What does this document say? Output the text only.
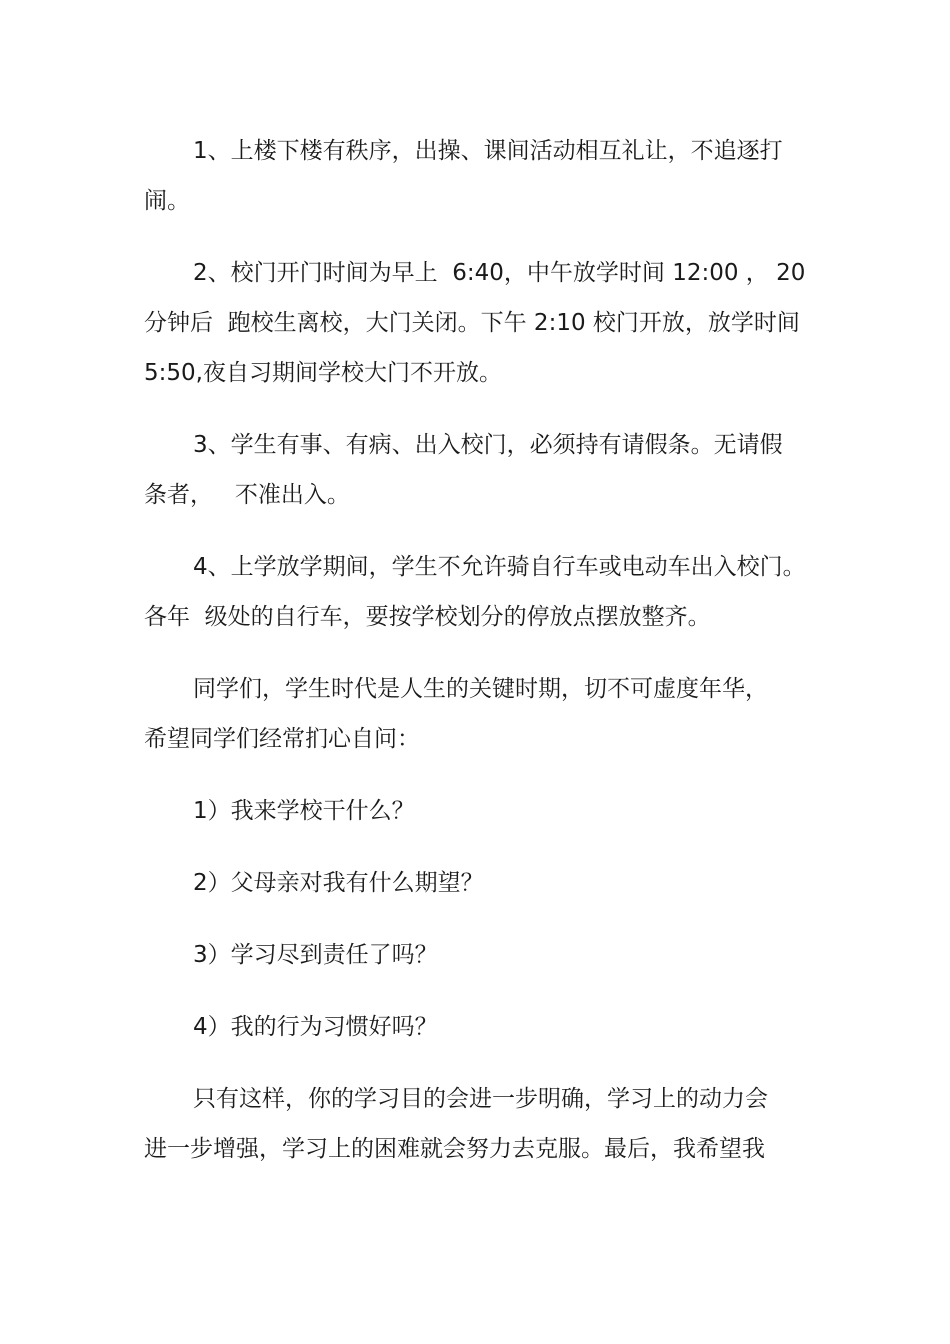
1、上楼下楼有秩序，出操、课间活动相互礼让，不追逐打

闹。

2、校门开门时间为早上  6:40，中午放学时间 12:00 ， 20

分钟后  跑校生离校，大门关闭。下午 2:10 校门开放，放学时间

5:50,夜自习期间学校大门不开放。

3、学生有事、有病、出入校门，必须持有请假条。无请假

条者，   不准出入。

4、上学放学期间，学生不允许骑自行车或电动车出入校门。

各年  级处的自行车，要按学校划分的停放点摆放整齐。

同学们，学生时代是人生的关键时期，切不可虚度年华，

希望同学们经常扪心自问：

1）我来学校干什么？

2）父母亲对我有什么期望？

3）学习尽到责任了吗？

4）我的行为习惯好吗？

只有这样，你的学习目的会进一步明确，学习上的动力会

进一步增强，学习上的困难就会努力去克服。最后，我希望我
